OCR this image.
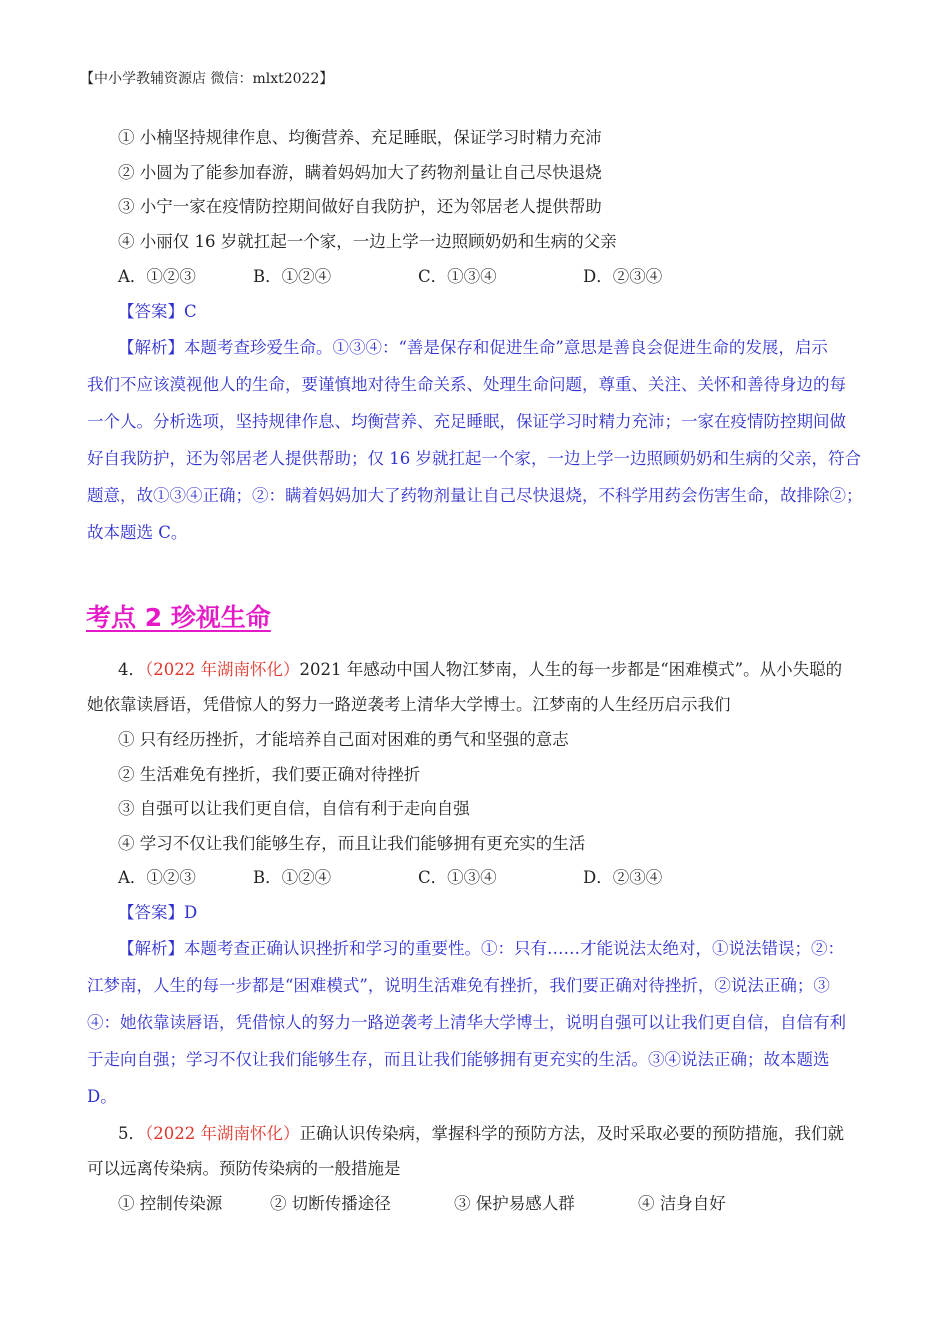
【中小学教辅资源店 微信：mlxt2022】
① 小楠坚持规律作息、均衡营养、充足睡眠，保证学习时精力充沛
② 小圆为了能参加春游，瞒着妈妈加大了药物剂量让自己尽快退烧
③ 小宁一家在疫情防控期间做好自我防护，还为邻居老人提供帮助
④ 小丽仅 16 岁就扛起一个家，一边上学一边照顾奶奶和生病的父亲
A．①②③	B．①②④	C．①③④	D．②③④
【答案】C
【解析】本题考查珍爱生命。①③④：“善是保存和促进生命”意思是善良会促进生命的发展，启示
我们不应该漠视他人的生命，要谨慎地对待生命关系、处理生命问题，尊重、关注、关怀和善待身边的每
一个人。分析选项，坚持规律作息、均衡营养、充足睡眠，保证学习时精力充沛；一家在疫情防控期间做
好自我防护，还为邻居老人提供帮助；仅 16 岁就扛起一个家，一边上学一边照顾奶奶和生病的父亲，符合
题意，故①③④正确；②：瞒着妈妈加大了药物剂量让自己尽快退烧，不科学用药会伤害生命，故排除②；
故本题选 C。
考点 2 珍视生命
4．（2022 年湖南怀化）2021 年感动中国人物江梦南，人生的每一步都是“困难模式”。从小失聪的
她依靠读唇语，凭借惊人的努力一路逆袭考上清华大学博士。江梦南的人生经历启示我们
① 只有经历挫折，才能培养自己面对困难的勇气和坚强的意志
② 生活难免有挫折，我们要正确对待挫折
③ 自强可以让我们更自信，自信有利于走向自强
④ 学习不仅让我们能够生存，而且让我们能够拥有更充实的生活
A．①②③	B．①②④	C．①③④	D．②③④
【答案】D
【解析】本题考查正确认识挫折和学习的重要性。①：只有……才能说法太绝对，①说法错误；②：
江梦南，人生的每一步都是“困难模式”，说明生活难免有挫折，我们要正确对待挫折，②说法正确；③
④：她依靠读唇语，凭借惊人的努力一路逆袭考上清华大学博士，说明自强可以让我们更自信，自信有利
于走向自强；学习不仅让我们能够生存，而且让我们能够拥有更充实的生活。③④说法正确；故本题选
D。
5．（2022 年湖南怀化）正确认识传染病，掌握科学的预防方法，及时采取必要的预防措施，我们就
可以远离传染病。预防传染病的一般措施是
① 控制传染源	② 切断传播途径	③ 保护易感人群	④ 洁身自好
